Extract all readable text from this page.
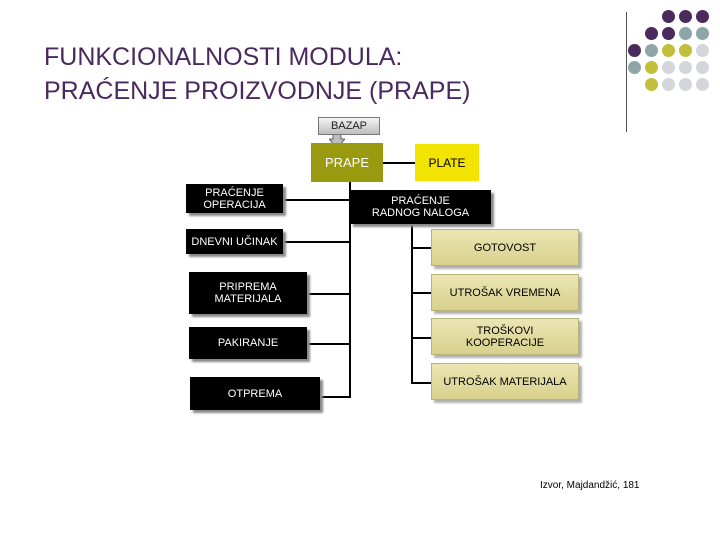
FUNKCIONALNOSTI MODULA:
PRAĆENJE PROIZVODNJE (PRAPE)
BAZAP
PRAPE	PLATE
PRAĆENJE OPERACIJA
DNEVNI UČINAK
PRIPREMA MATERIJALA
PAKIRANJE
OTPREMA
PRAĆENJE RADNOG NALOGA
GOTOVOST
UTROŠAK VREMENA
TROŠKOVI KOOPERACIJE
UTROŠAK MATERIJALA
Izvor, Majdandžić, 181
